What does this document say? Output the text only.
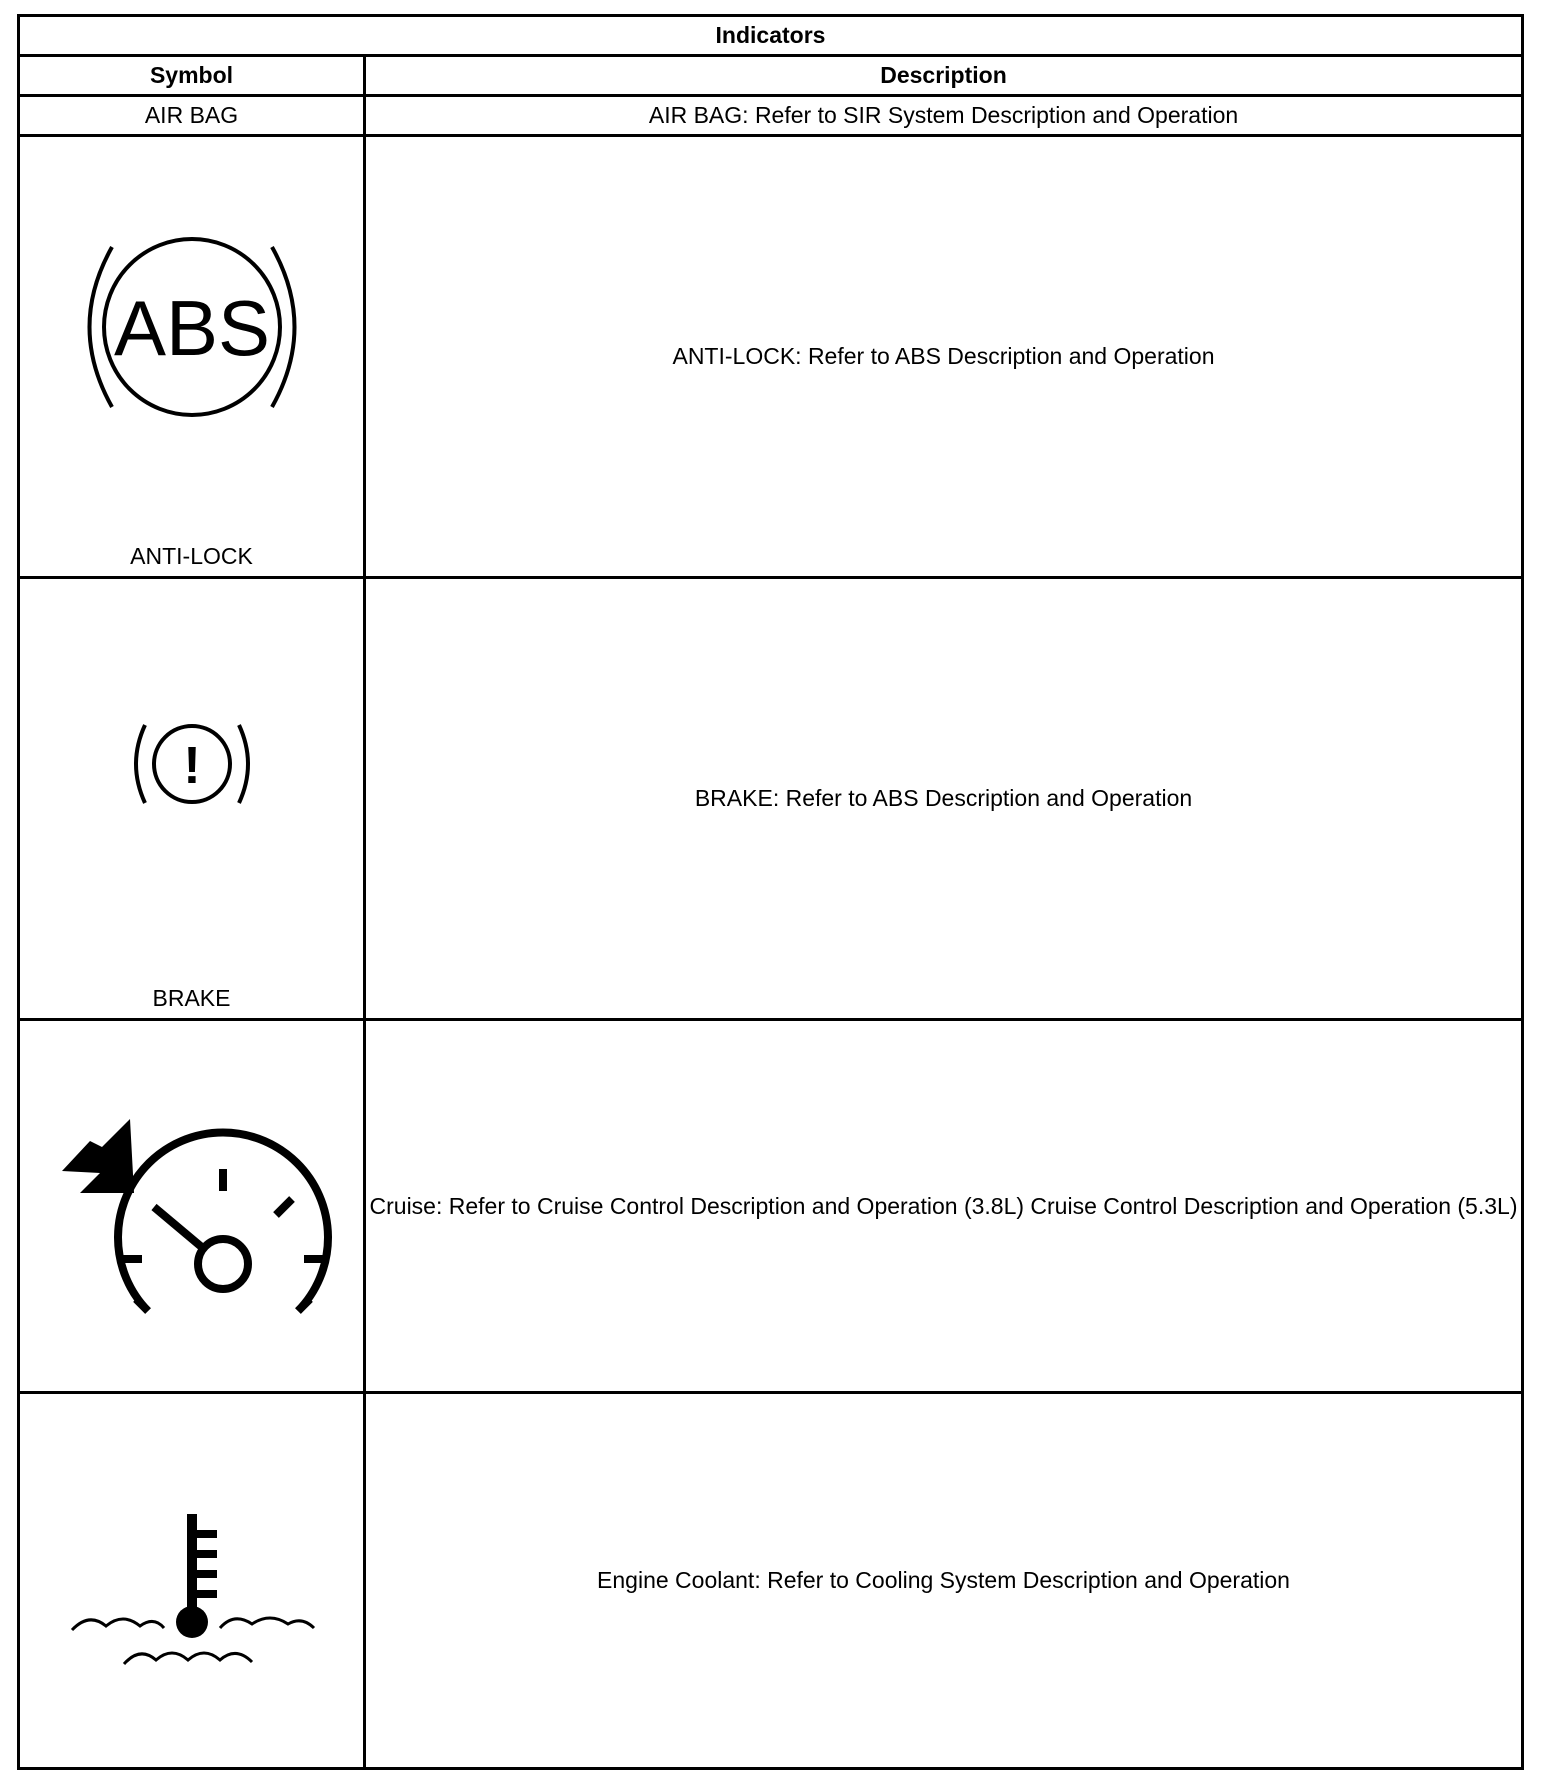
Indicators	
Symbol	Description
AIR BAG	AIR BAG: Refer to SIR System Description and Operation

ABS
ANTI-LOCK	ANTI-LOCK: Refer to ABS Description and Operation

!
BRAKE	BRAKE: Refer to ABS Description and Operation

	Cruise: Refer to Cruise Control Description and Operation (3.8L) Cruise Control Description and Operation (5.3L)

	Engine Coolant: Refer to Cooling System Description and Operation
